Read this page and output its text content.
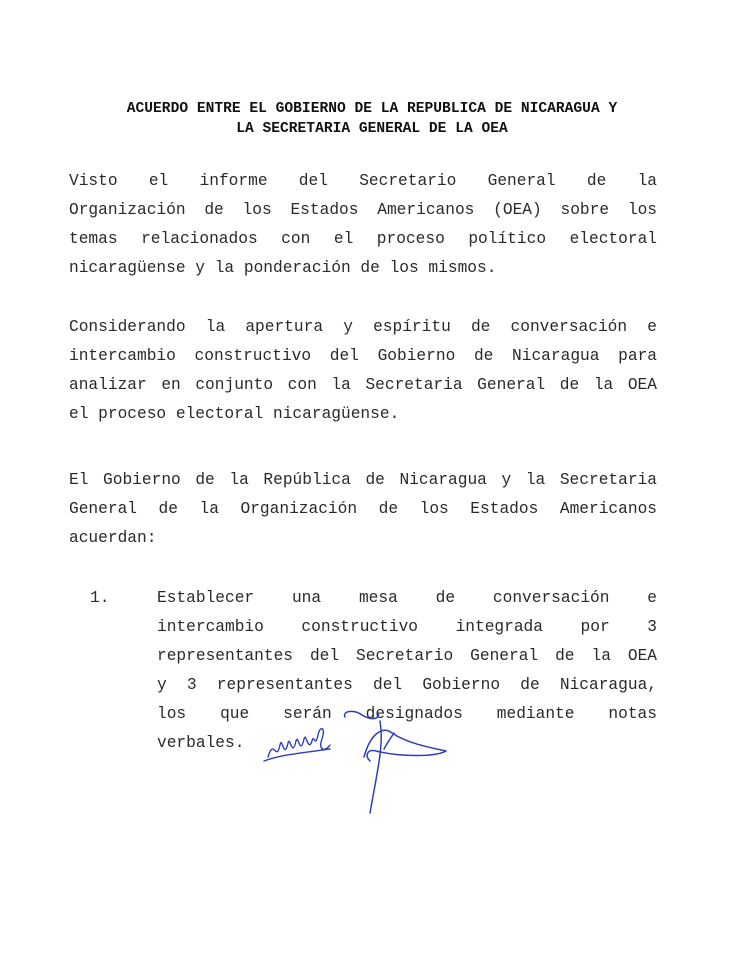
ACUERDO ENTRE EL GOBIERNO DE LA REPUBLICA DE NICARAGUA Y
LA SECRETARIA GENERAL DE LA OEA
Visto el informe del Secretario General de la
Organización de los Estados Americanos (OEA) sobre los
temas relacionados con el proceso político electoral
nicaragüense y la ponderación de los mismos.
Considerando la apertura y espíritu de conversación e
intercambio constructivo del Gobierno de Nicaragua para
analizar en conjunto con la Secretaria General de la OEA
el proceso electoral nicaragüense.
El Gobierno de la República de Nicaragua y la Secretaria
General de la Organización de los Estados Americanos
acuerdan:
1.	Establecer una mesa de conversación e
intercambio constructivo integrada por 3
representantes del Secretario General de la OEA
y 3 representantes del Gobierno de Nicaragua,
los que serán designados mediante notas
verbales.
